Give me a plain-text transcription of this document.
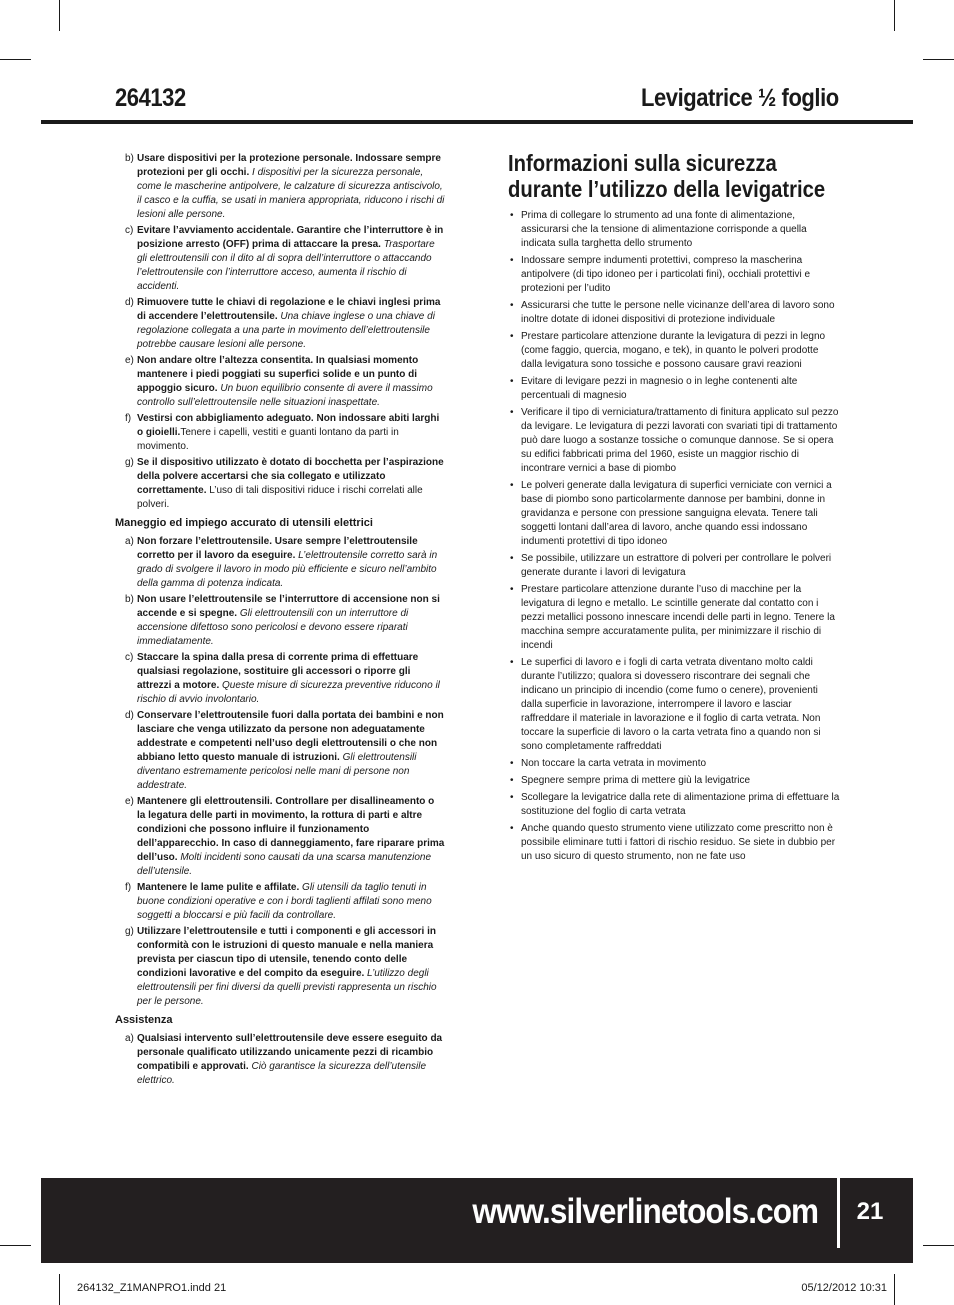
264132	Levigatrice ½ foglio
b) Usare dispositivi per la protezione personale. Indossare sempre protezioni per gli occhi. I dispositivi per la sicurezza personale, come le mascherine antipolvere, le calzature di sicurezza antiscivolo, il casco e la cuffia, se usati in maniera appropriata, riducono i rischi di lesioni alle persone.
c) Evitare l’avviamento accidentale. Garantire che l’interruttore è in posizione arresto (OFF) prima di attaccare la presa. Trasportare gli elettroutensili con il dito al di sopra dell’interruttore o attaccando l’elettroutensile con l’interruttore acceso, aumenta il rischio di accidenti.
d) Rimuovere tutte le chiavi di regolazione e le chiavi inglesi prima di accendere l’elettroutensile. Una chiave inglese o una chiave di regolazione collegata a una parte in movimento dell’elettroutensile potrebbe causare lesioni alle persone.
e) Non andare oltre l’altezza consentita. In qualsiasi momento mantenere i piedi poggiati su superfici solide e un punto di appoggio sicuro. Un buon equilibrio consente di avere il massimo controllo sull’elettroutensile nelle situazioni inaspettate.
f) Vestirsi con abbigliamento adeguato. Non indossare abiti larghi o gioielli.Tenere i capelli, vestiti e guanti lontano da parti in movimento.
g) Se il dispositivo utilizzato è dotato di bocchetta per l’aspirazione della polvere accertarsi che sia collegato e utilizzato correttamente. L’uso di tali dispositivi riduce i rischi correlati alle polveri.
Maneggio ed impiego accurato di utensili elettrici
a) Non forzare l’elettroutensile. Usare sempre l’elettroutensile corretto per il lavoro da eseguire. L’elettroutensile corretto sarà in grado di svolgere il lavoro in modo più efficiente e sicuro nell’ambito della gamma di potenza indicata.
b) Non usare l’elettroutensile se l’interruttore di accensione non si accende e si spegne. Gli elettroutensili con un interruttore di accensione difettoso sono pericolosi e devono essere riparati immediatamente.
c) Staccare la spina dalla presa di corrente prima di effettuare qualsiasi regolazione, sostituire gli accessori o riporre gli attrezzi a motore. Queste misure di sicurezza preventive riducono il rischio di avvio involontario.
d) Conservare l’elettroutensile fuori dalla portata dei bambini e non lasciare che venga utilizzato da persone non adeguatamente addestrate e competenti nell’uso degli elettroutensili o che non abbiano letto questo manuale di istruzioni. Gli elettroutensili diventano estremamente pericolosi nelle mani di persone non addestrate.
e) Mantenere gli elettroutensili. Controllare per disallineamento o la legatura delle parti in movimento, la rottura di parti e altre condizioni che possono influire il funzionamento dell’apparecchio. In caso di danneggiamento, fare riparare prima dell’uso. Molti incidenti sono causati da una scarsa manutenzione dell’utensile.
f) Mantenere le lame pulite e affilate. Gli utensili da taglio tenuti in buone condizioni operative e con i bordi taglienti affilati sono meno soggetti a bloccarsi e più facili da controllare.
g) Utilizzare l’elettroutensile e tutti i componenti e gli accessori in conformità con le istruzioni di questo manuale e nella maniera prevista per ciascun tipo di utensile, tenendo conto delle condizioni lavorative e del compito da eseguire. L’utilizzo degli elettroutensili per fini diversi da quelli previsti rappresenta un rischio per le persone.
Assistenza
a) Qualsiasi intervento sull’elettroutensile deve essere eseguito da personale qualificato utilizzando unicamente pezzi di ricambio compatibili e approvati. Ciò garantisce la sicurezza dell’utensile elettrico.
Informazioni sulla sicurezza durante l’utilizzo della levigatrice
• Prima di collegare lo strumento ad una fonte di alimentazione, assicurarsi che la tensione di alimentazione corrisponde a quella indicata sulla targhetta dello strumento
• Indossare sempre indumenti protettivi, compreso la mascherina antipolvere (di tipo idoneo per i particolati fini), occhiali protettivi e protezioni per l’udito
• Assicurarsi che tutte le persone nelle vicinanze dell’area di lavoro sono inoltre dotate di idonei dispositivi di protezione individuale
• Prestare particolare attenzione durante la levigatura di pezzi in legno (come faggio, quercia, mogano, e tek), in quanto le polveri prodotte dalla levigatura sono tossiche e possono causare gravi reazioni
• Evitare di levigare pezzi in magnesio o in leghe contenenti alte percentuali di magnesio
• Verificare il tipo di verniciatura/trattamento di finitura applicato sul pezzo da levigare. Le levigatura di pezzi lavorati con svariati tipi di trattamento può dare luogo a sostanze tossiche o comunque dannose. Se si opera su edifici fabbricati prima del 1960, esiste un maggior rischio di incontrare vernici a base di piombo
• Le polveri generate dalla levigatura di superfici verniciate con vernici a base di piombo sono particolarmente dannose per bambini, donne in gravidanza e persone con pressione sanguigna elevata. Tenere tali soggetti lontani dall’area di lavoro, anche quando essi indossano indumenti protettivi di tipo idoneo
• Se possibile, utilizzare un estrattore di polveri per controllare le polveri generate durante i lavori di levigatura
• Prestare particolare attenzione durante l’uso di macchine per la levigatura di legno e metallo. Le scintille generate dal contatto con i pezzi metallici possono innescare incendi delle parti in legno. Tenere la macchina sempre accuratamente pulita, per minimizzare il rischio di incendi
• Le superfici di lavoro e i fogli di carta vetrata diventano molto caldi durante l’utilizzo; qualora si dovessero riscontrare dei segnali che indicano un principio di incendio (come fumo o cenere), provenienti dalla superficie in lavorazione, interrompere il lavoro e lasciar raffreddare il materiale in lavorazione e il foglio di carta vetrata. Non toccare la superficie di lavoro o la carta vetrata fino a quando non si sono completamente raffreddati
• Non toccare la carta vetrata in movimento
• Spegnere sempre prima di mettere giù la levigatrice
• Scollegare la levigatrice dalla rete di alimentazione prima di effettuare la sostituzione del foglio di carta vetrata
• Anche quando questo strumento viene utilizzato come prescritto non è possibile eliminare tutti i fattori di rischio residuo. Se siete in dubbio per un uso sicuro di questo strumento, non ne fate uso
www.silverlinetools.com	21
264132_Z1MANPRO1.indd 21	05/12/2012 10:31
